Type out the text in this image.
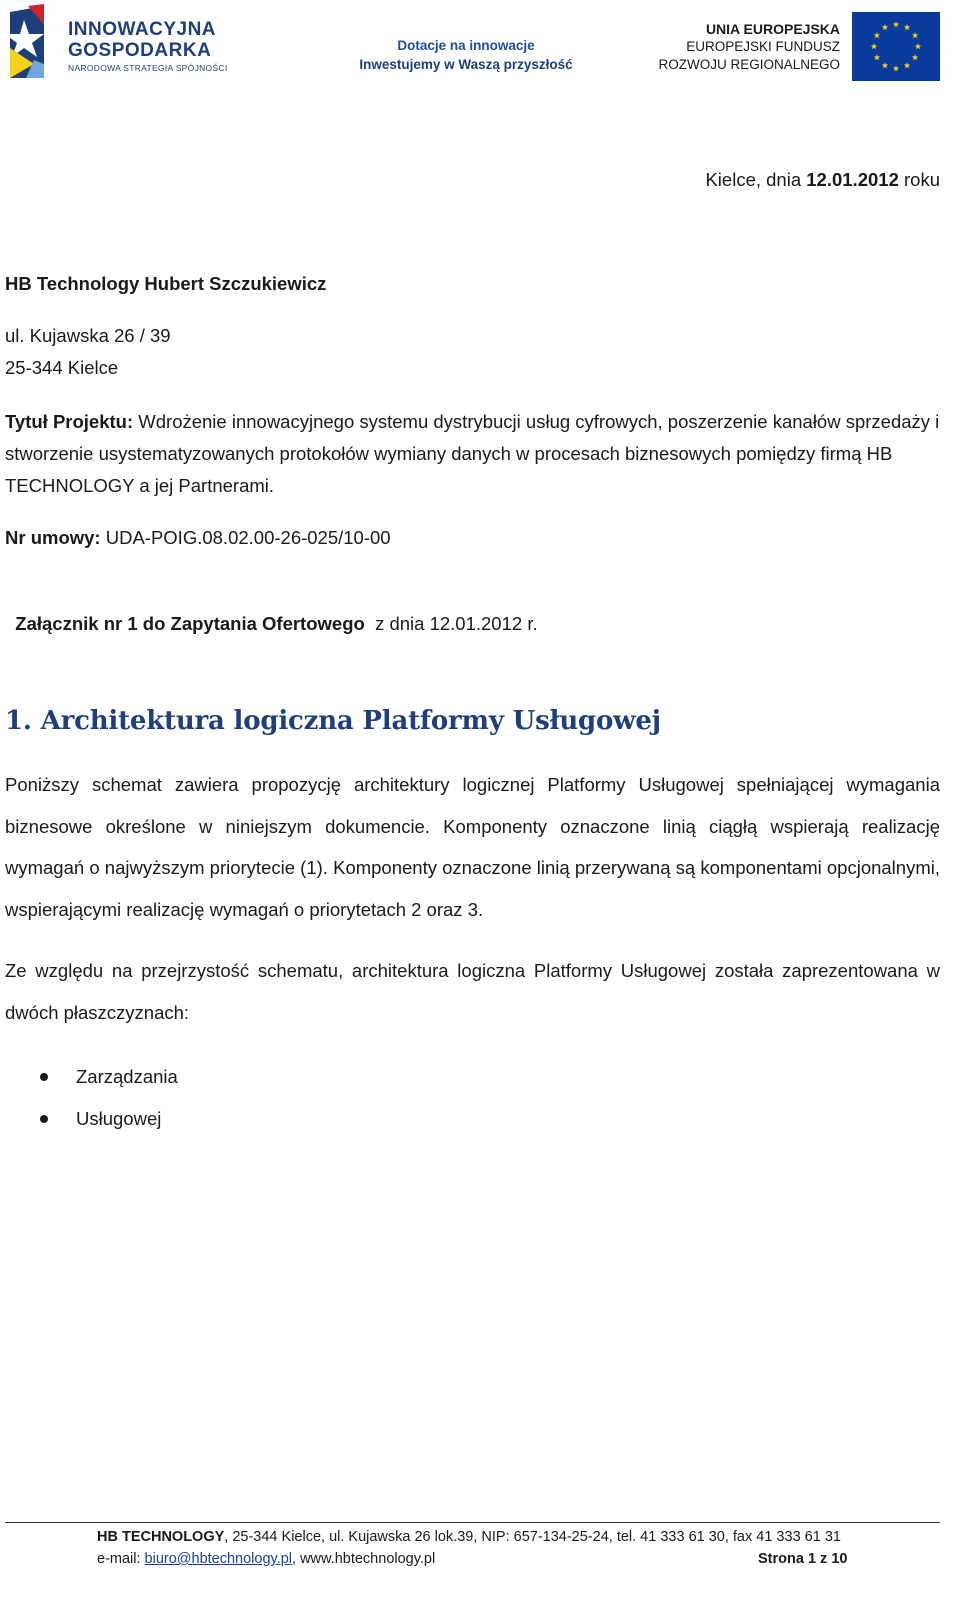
INNOWACYJNA
GOSPODARKA
NARODOWA STRATEGIA SPÓJNOŚCI
Dotacje na innowacje
Inwestujemy w Waszą przyszłość
UNIA EUROPEJSKA
EUROPEJSKI FUNDUSZ
ROZWOJU REGIONALNEGO
Kielce, dnia 12.01.2012 roku
HB Technology Hubert Szczukiewicz
ul. Kujawska 26 / 39
25-344 Kielce
Tytuł Projektu: Wdrożenie innowacyjnego systemu dystrybucji usług cyfrowych, poszerzenie kanałów sprzedaży i stworzenie usystematyzowanych protokołów wymiany danych w procesach biznesowych pomiędzy firmą HB TECHNOLOGY a jej Partnerami.
Nr umowy: UDA-POIG.08.02.00-26-025/10-00

Załącznik nr 1 do Zapytania Ofertowego  z dnia 12.01.2012 r.

1. Architektura logiczna Platformy Usługowej
Poniższy schemat zawiera propozycję architektury logicznej Platformy Usługowej spełniającej wymagania biznesowe określone w niniejszym dokumencie. Komponenty oznaczone linią ciągłą wspierają realizację wymagań o najwyższym priorytecie (1). Komponenty oznaczone linią przerywaną są komponentami opcjonalnymi, wspierającymi realizację wymagań o priorytetach 2 oraz 3.
Ze względu na przejrzystość schematu, architektura logiczna Platformy Usługowej została zaprezentowana w dwóch płaszczyznach:
Zarządzania
Usługowej
HB TECHNOLOGY, 25-344 Kielce, ul. Kujawska 26 lok.39, NIP: 657-134-25-24, tel. 41 333 61 30, fax 41 333 61 31
e-mail: biuro@hbtechnology.pl, www.hbtechnology.pl	Strona 1 z 10
